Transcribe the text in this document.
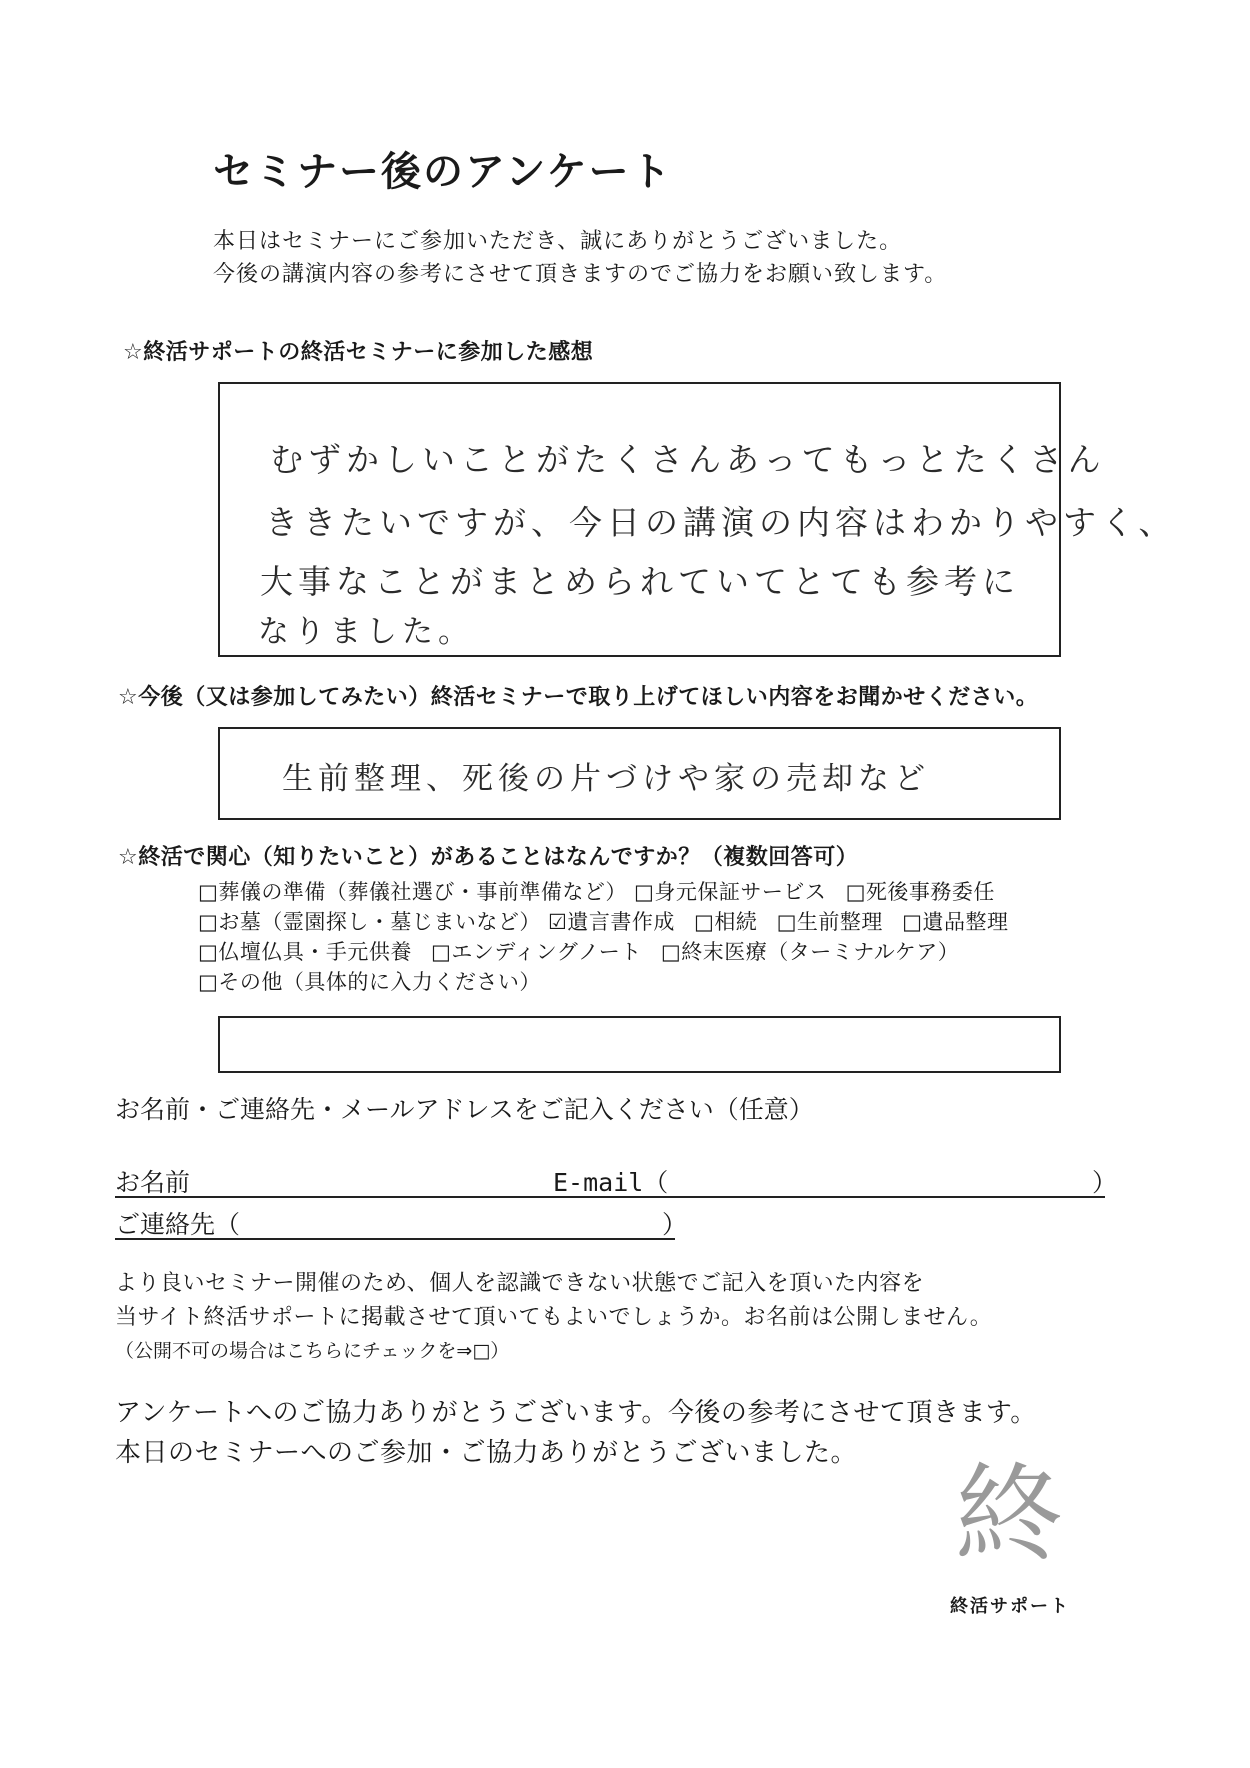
セミナー後のアンケート
本日はセミナーにご参加いただき、誠にありがとうございました。
今後の講演内容の参考にさせて頂きますのでご協力をお願い致します。
☆終活サポートの終活セミナーに参加した感想
むずかしいことがたくさんあってもっとたくさん
ききたいですが、今日の講演の内容はわかりやすく、
大事なことがまとめられていてとても参考に
なりました。
☆今後（又は参加してみたい）終活セミナーで取り上げてほしい内容をお聞かせください。
生前整理、死後の片づけや家の売却など
☆終活で関心（知りたいこと）があることはなんですか？（複数回答可）
□葬儀の準備（葬儀社選び・事前準備など） □身元保証サービス □死後事務委任
□お墓（霊園探し・墓じまいなど） ☑遺言書作成 □相続 □生前整理 □遺品整理
□仏壇仏具・手元供養 □エンディングノート □終末医療（ターミナルケア）
□その他（具体的に入力ください）
お名前・ご連絡先・メールアドレスをご記入ください（任意）
お名前	E-mail（	）
ご連絡先（	）
より良いセミナー開催のため、個人を認識できない状態でご記入を頂いた内容を
当サイト終活サポートに掲載させて頂いてもよいでしょうか。お名前は公開しません。
（公開不可の場合はこちらにチェックを⇒□）
アンケートへのご協力ありがとうございます。今後の参考にさせて頂きます。
本日のセミナーへのご参加・ご協力ありがとうございました。 終
終活サポート
